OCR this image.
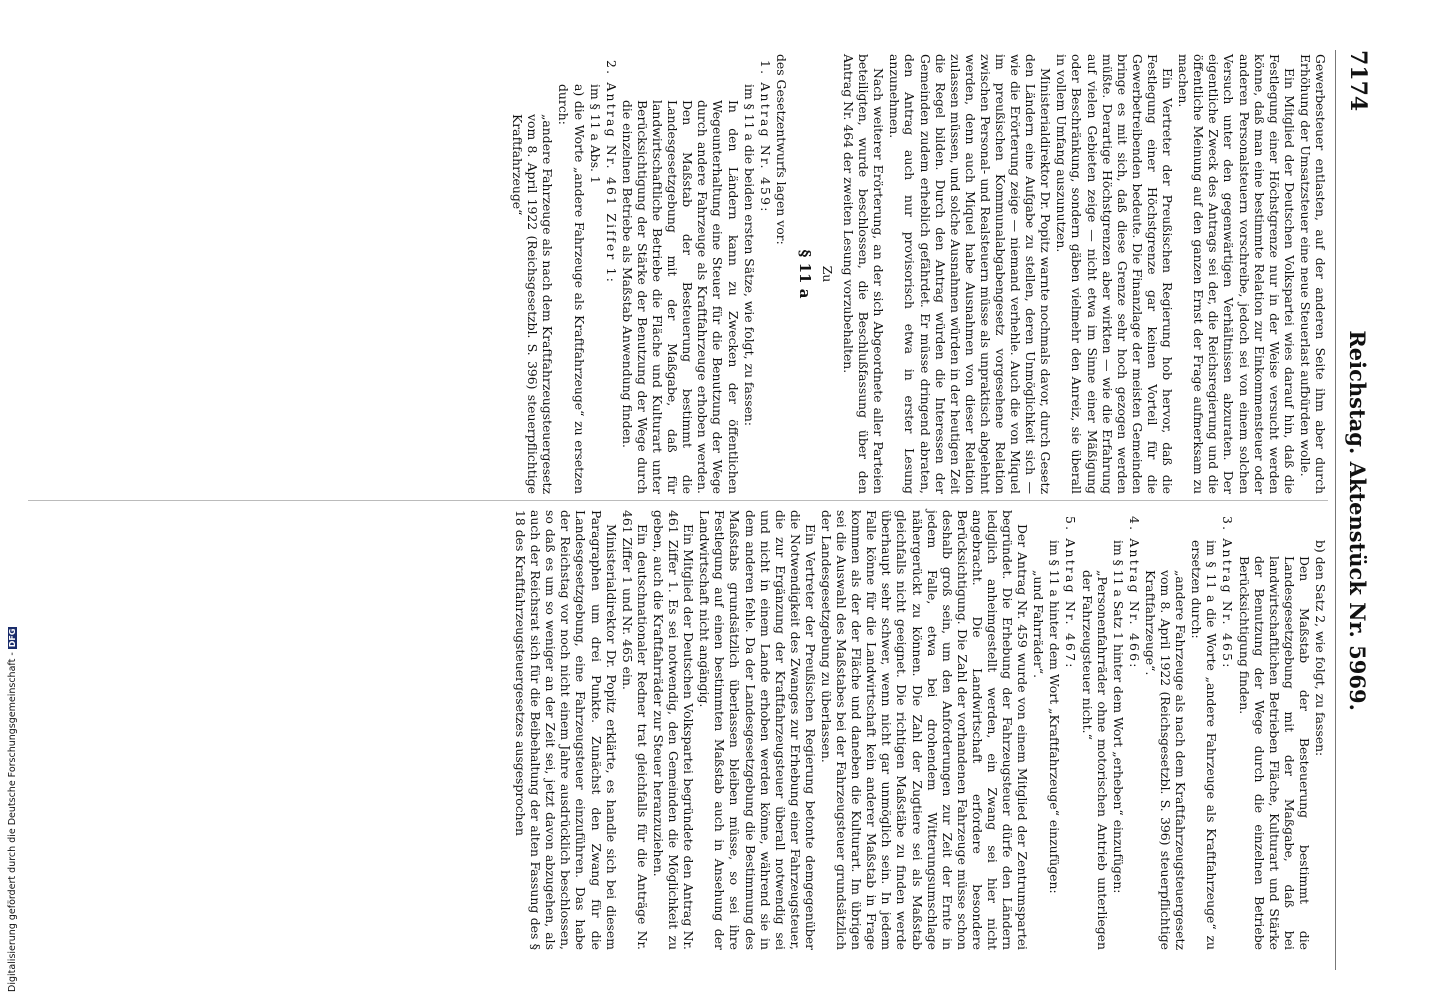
Digitalisierung gefördert durch die Deutsche Forschungsgemeinschaft -DFG
7174
Reichstag. Aktenstück Nr. 5969.

Gewerbesteuer entlasten, auf der anderen Seite ihm aber durch Erhöhung der Umsatzsteuer eine neue Steuerlast aufbürden wolle.

Ein Mitglied der Deutschen Volkspartei wies darauf hin, daß die Festlegung einer Höchstgrenze nur in der Weise versucht werden könne, daß man eine bestimmte Relation zur Einkommensteuer oder anderen Personalsteuern vorschreibe, jedoch sei von einem solchen Versuch unter den gegenwärtigen Verhältnissen abzuraten. Der eigentliche Zweck des Antrags sei der, die Reichsregierung und die öffentliche Meinung auf den ganzen Ernst der Frage aufmerksam zu machen.

Ein Vertreter der Preußischen Regierung hob hervor, daß die Festlegung einer Höchstgrenze gar keinen Vorteil für die Gewerbetreibenden bedeute. Die Finanzlage der meisten Gemeinden bringe es mit sich, daß diese Grenze sehr hoch gezogen werden müßte. Derartige Höchstgrenzen aber wirkten — wie die Erfahrung auf vielen Gebieten zeige — nicht etwa im Sinne einer Mäßigung oder Beschränkung, sondern gäben vielmehr den Anreiz, sie überall in vollem Umfang auszunutzen.

Ministerialdirektor Dr. Popitz warnte nochmals davor, durch Gesetz den Ländern eine Aufgabe zu stellen, deren Unmöglichkeit sich — wie die Erörterung zeige — niemand verhehle. Auch die von Miquel im preußischen Kommunalabgabengesetz vorgesehene Relation zwischen Personal- und Realsteuern müsse als unpraktisch abgelehnt werden, denn auch Miquel habe Ausnahmen von dieser Relation zulassen müssen, und solche Ausnahmen würden in der heutigen Zeit die Regel bilden. Durch den Antrag würden die Interessen der Gemeinden zudem erheblich gefährdet. Er müsse dringend abraten, den Antrag auch nur provisorisch etwa in erster Lesung anzunehmen.

Nach weiterer Erörterung, an der sich Abgeordnete aller Parteien beteiligten, wurde beschlossen, die Beschlußfassung über den Antrag Nr. 464 der zweiten Lesung vorzubehalten.

Zu

§ 11 a

des Gesetzentwurfs lagen vor:

1. Antrag Nr. 459:

im § 11 a die beiden ersten Sätze, wie folgt, zu fassen:

In den Ländern kann zu Zwecken der öffentlichen Wegeunterhaltung eine Steuer für die Benutzung der Wege durch andere Fahrzeuge als Kraftfahrzeuge erhoben werden. Den Maßstab der Besteuerung bestimmt die Landesgesetzgebung mit der Maßgabe, daß für landwirtschaftliche Betriebe die Fläche und Kulturart unter Berücksichtigung der Stärke der Benutzung der Wege durch die einzelnen Betriebe als Maßstab Anwendung finden.

2. Antrag Nr. 461 Ziffer 1:

im § 11 a Abs. 1

a) die Worte „andere Fahrzeuge als Kraftfahrzeuge“ zu ersetzen durch:

„andere Fahrzeuge als nach dem Kraftfahrzeugsteuergesetz vom 8. April 1922 (Reichsgesetzbl. S. 396) steuerpflichtige Kraftfahrzeuge“

b) den Satz 2, wie folgt, zu fassen:

Den Maßstab der Besteuerung bestimmt die Landesgesetzgebung mit der Maßgabe, daß bei landwirtschaftlichen Betrieben Fläche, Kulturart und Stärke der Benutzung der Wege durch die einzelnen Betriebe Berücksichtigung finden.

3. Antrag Nr. 465:

im § 11 a die Worte „andere Fahrzeuge als Kraftfahrzeuge“ zu ersetzen durch:

„andere Fahrzeuge als nach dem Kraftfahrzeugsteuergesetz vom 8. April 1922 (Reichsgesetzbl. S. 396) steuerpflichtige Kraftfahrzeuge“.

4. Antrag Nr. 466:

im § 11 a Satz 1 hinter dem Wort „erheben“ einzufügen:

„Personenfahrräder ohne motorischen Antrieb unterliegen der Fahrzeugsteuer nicht.“

5. Antrag Nr. 467:

im § 11 a hinter dem Wort „Kraftfahrzeuge“ einzufügen:

„und Fahrräder“.

Der Antrag Nr. 459 wurde von einem Mitglied der Zentrumspartei begründet. Die Erhebung der Fahrzeugsteuer dürfe den Ländern lediglich anheimgestellt werden, ein Zwang sei hier nicht angebracht. Die Landwirtschaft erfordere besondere Berücksichtigung. Die Zahl der vorhandenen Fahrzeuge müsse schon deshalb groß sein, um den Anforderungen zur Zeit der Ernte in jedem Falle, etwa bei drohendem Witterungsumschlage nähergerückt zu können. Die Zahl der Zugtiere sei als Maßstab gleichfalls nicht geeignet. Die richtigen Maßstäbe zu finden werde überhaupt sehr schwer, wenn nicht gar unmöglich sein. In jedem Falle könne für die Landwirtschaft kein anderer Maßstab in Frage kommen als der der Fläche und daneben die Kulturart. Im übrigen sei die Auswahl des Maßstabes bei der Fahrzeugsteuer grundsätzlich der Landesgesetzgebung zu überlassen.

Ein Vertreter der Preußischen Regierung betonte demgegenüber die Notwendigkeit des Zwanges zur Erhebung einer Fahrzeugsteuer, die zur Ergänzung der Kraftfahrzeugsteuer überall notwendig sei und nicht in einem Lande erhoben werden könne, während sie in dem anderen fehle. Da der Landesgesetzgebung die Bestimmung des Maßstabs grundsätzlich überlassen bleiben müsse, so sei ihre Festlegung auf einen bestimmten Maßstab auch in Ansehung der Landwirtschaft nicht angängig.

Ein Mitglied der Deutschen Volkspartei begründete den Antrag Nr. 461 Ziffer 1. Es sei notwendig, den Gemeinden die Möglichkeit zu geben, auch die Kraftfahrräder zur Steuer heranzuziehen.

Ein deutschnationaler Redner trat gleichfalls für die Anträge Nr. 461 Ziffer 1 und Nr. 465 ein.

Ministerialdirektor Dr. Popitz erklärte, es handle sich bei diesem Paragraphen um drei Punkte. Zunächst den Zwang für die Landesgesetzgebung, eine Fahrzeugsteuer einzuführen. Das habe der Reichstag vor noch nicht einem Jahre ausdrücklich beschlossen, so daß es um so weniger an der Zeit sei, jetzt davon abzugehen, als auch der Reichsrat sich für die Beibehaltung der alten Fassung des § 18 des Kraftfahrzeugsteuergesetzes ausgesprochen
